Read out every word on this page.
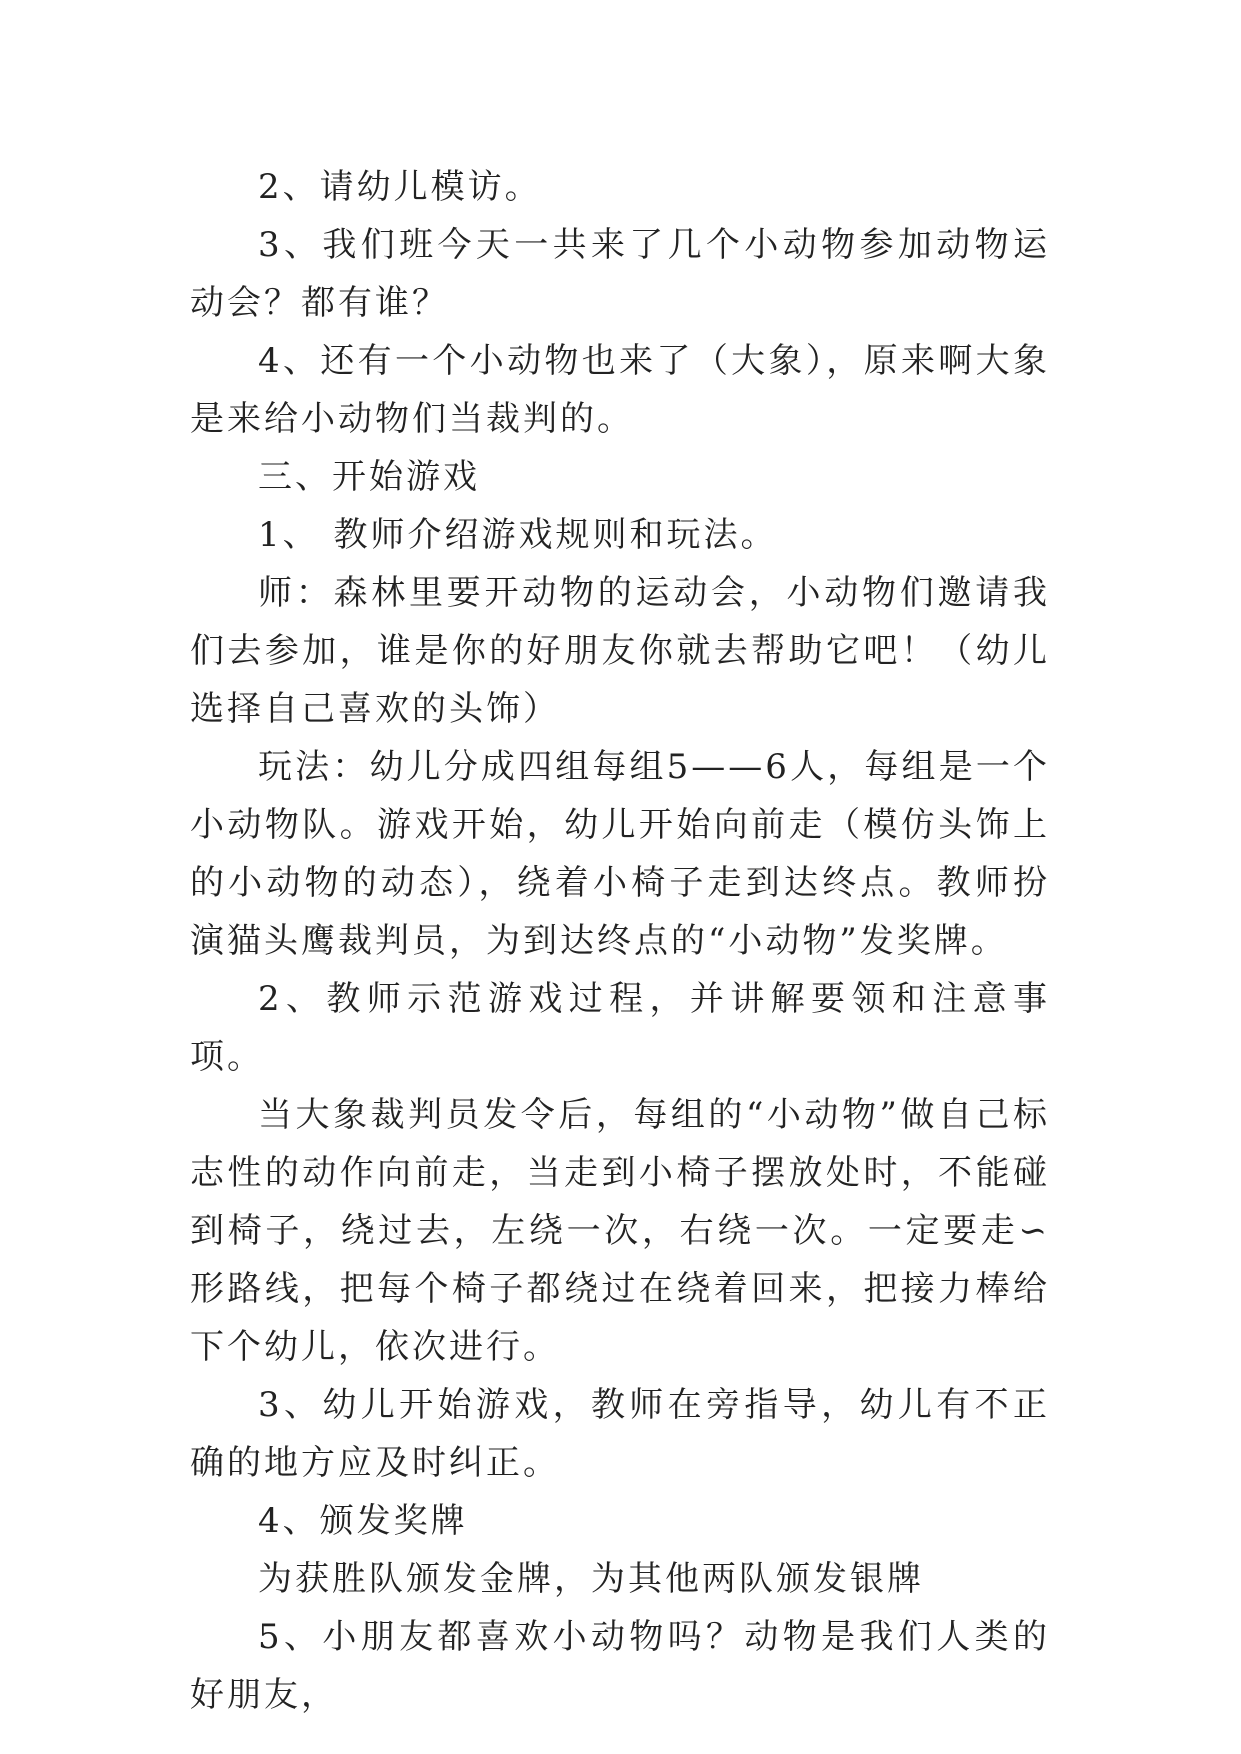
2、请幼儿模访。

3、我们班今天一共来了几个小动物参加动物运动会？都有谁？

4、还有一个小动物也来了（大象），原来啊大象是来给小动物们当裁判的。

三、开始游戏

1、 教师介绍游戏规则和玩法。

师：森林里要开动物的运动会，小动物们邀请我们去参加，谁是你的好朋友你就去帮助它吧！（幼儿选择自己喜欢的头饰）

玩法：幼儿分成四组每组5——6人，每组是一个小动物队。游戏开始，幼儿开始向前走（模仿头饰上的小动物的动态），绕着小椅子走到达终点。教师扮演猫头鹰裁判员，为到达终点的“小动物”发奖牌。

2、教师示范游戏过程，并讲解要领和注意事项。

当大象裁判员发令后，每组的“小动物”做自己标志性的动作向前走，当走到小椅子摆放处时，不能碰到椅子，绕过去，左绕一次，右绕一次。一定要走∽形路线，把每个椅子都绕过在绕着回来，把接力棒给下个幼儿，依次进行。

3、幼儿开始游戏，教师在旁指导，幼儿有不正确的地方应及时纠正。

4、颁发奖牌

为获胜队颁发金牌，为其他两队颁发银牌

5、小朋友都喜欢小动物吗？动物是我们人类的好朋友，
